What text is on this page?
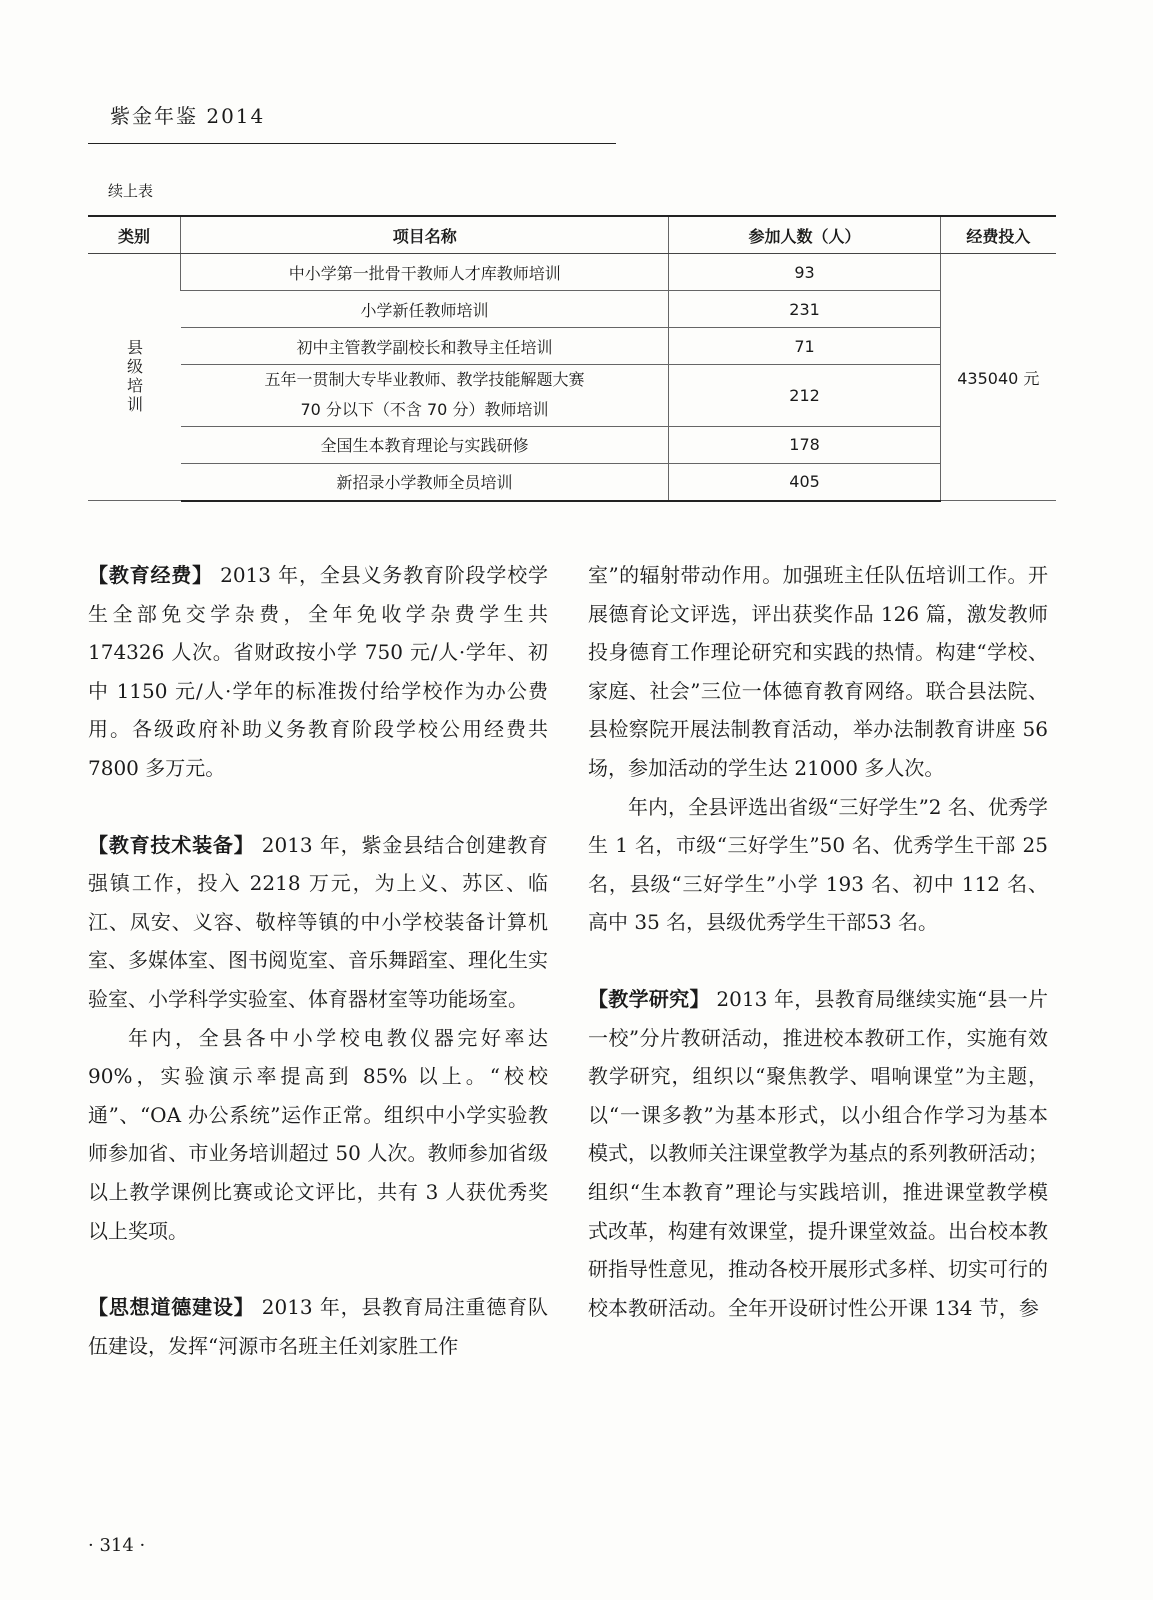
紫金年鉴 2014
续上表
类别	项目名称	参加人数（人）	经费投入
县级培训	中小学第一批骨干教师人才库教师培训	93	435040 元
	小学新任教师培训	231	
	初中主管教学副校长和教导主任培训	71	
	五年一贯制大专毕业教师、教学技能解题大赛
70 分以下（不含 70 分）教师培训	212	
	全国生本教育理论与实践研修	178	
	新招录小学教师全员培训	405	

【教育经费】 2013 年，全县义务教育阶段学校学生全部免交学杂费，全年免收学杂费学生共 174326 人次。省财政按小学 750 元/人·学年、初中 1150 元/人·学年的标准拨付给学校作为办公费用。各级政府补助义务教育阶段学校公用经费共 7800 多万元。

【教育技术装备】 2013 年，紫金县结合创建教育强镇工作，投入 2218 万元，为上义、苏区、临江、凤安、义容、敬梓等镇的中小学校装备计算机室、多媒体室、图书阅览室、音乐舞蹈室、理化生实验室、小学科学实验室、体育器材室等功能场室。

年内，全县各中小学校电教仪器完好率达 90%，实验演示率提高到 85% 以上。“校校通”、“OA 办公系统”运作正常。组织中小学实验教师参加省、市业务培训超过 50 人次。教师参加省级以上教学课例比赛或论文评比，共有 3 人获优秀奖以上奖项。

【思想道德建设】 2013 年，县教育局注重德育队伍建设，发挥“河源市名班主任刘家胜工作

室”的辐射带动作用。加强班主任队伍培训工作。开展德育论文评选，评出获奖作品 126 篇，激发教师投身德育工作理论研究和实践的热情。构建“学校、家庭、社会”三位一体德育教育网络。联合县法院、县检察院开展法制教育活动，举办法制教育讲座 56 场，参加活动的学生达 21000 多人次。

年内，全县评选出省级“三好学生”2 名、优秀学生 1 名，市级“三好学生”50 名、优秀学生干部 25 名，县级“三好学生”小学 193 名、初中 112 名、高中 35 名，县级优秀学生干部53 名。

【教学研究】 2013 年，县教育局继续实施“县一片一校”分片教研活动，推进校本教研工作，实施有效教学研究，组织以“聚焦教学、唱响课堂”为主题，以“一课多教”为基本形式，以小组合作学习为基本模式，以教师关注课堂教学为基点的系列教研活动；组织“生本教育”理论与实践培训，推进课堂教学模式改革，构建有效课堂，提升课堂效益。出台校本教研指导性意见，推动各校开展形式多样、切实可行的校本教研活动。全年开设研讨性公开课 134 节，参

· 314 ·
